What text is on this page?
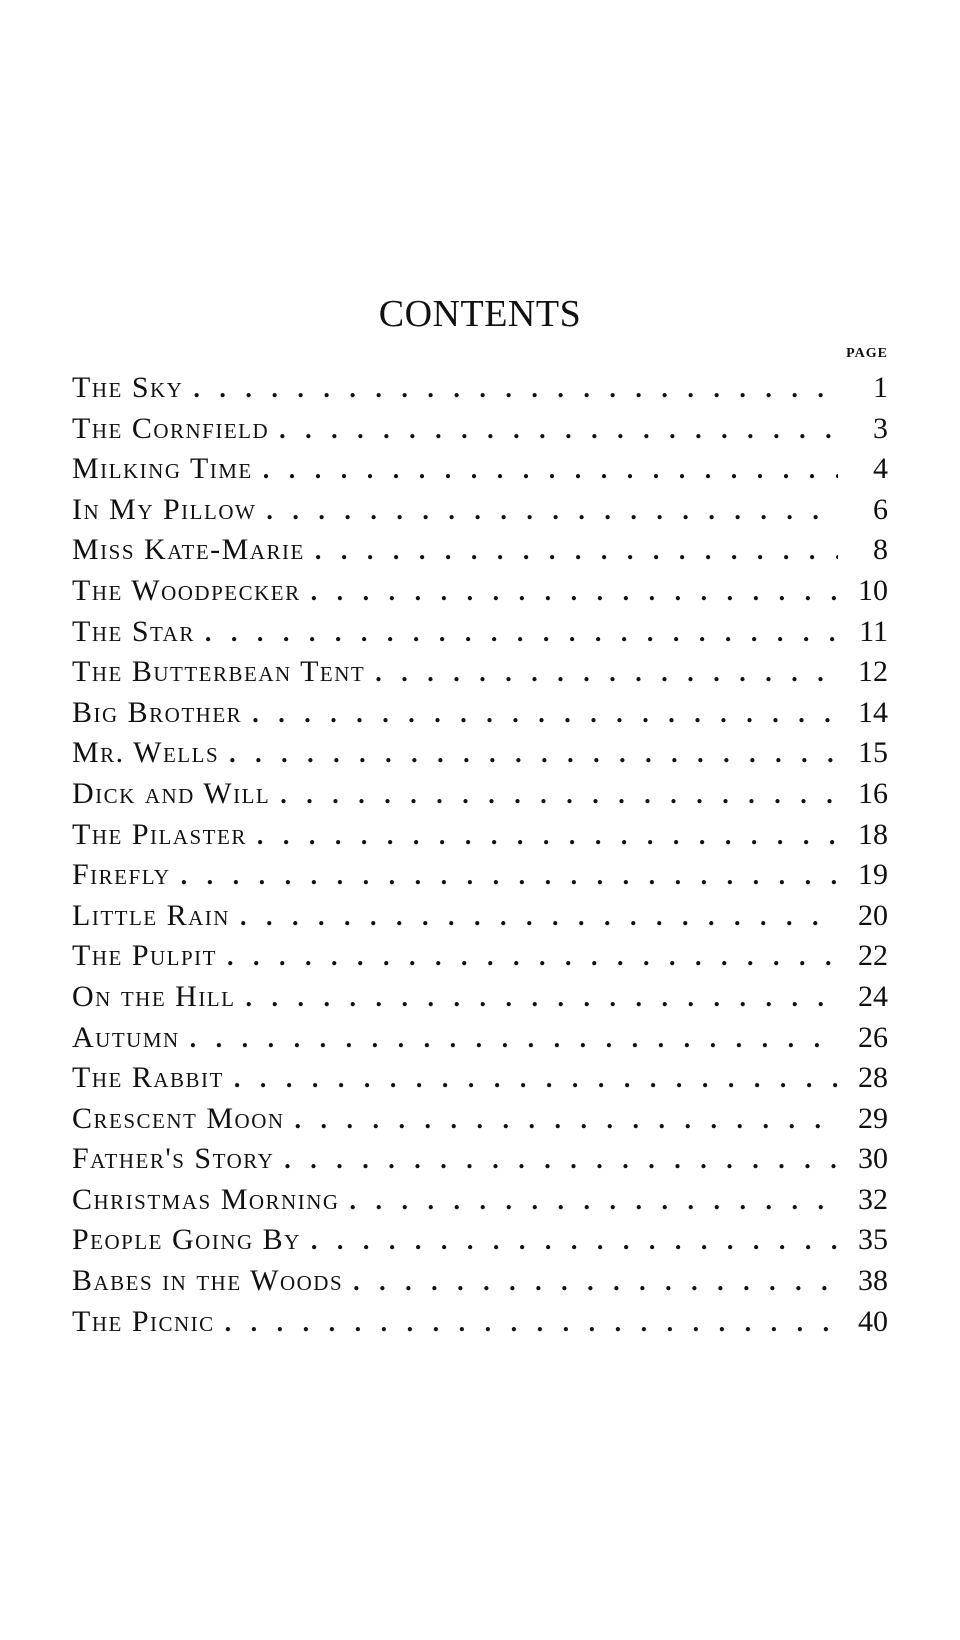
CONTENTS
PAGE
The Sky .   .	1
The Cornfield .   .	3
Milking Time .   .	4
In My Pillow .   .	6
Miss Kate-Marie .   .	8
The Woodpecker .   .	10
The Star .   .	11
The Butterbean Tent .   .	12
Big Brother .   .	14
Mr. Wells .   .	15
Dick and Will .   .	16
The Pilaster .   .	18
Firefly .   .	19
Little Rain .   .	20
The Pulpit .   .	22
On the Hill .   .	24
Autumn .   .	26
The Rabbit .   .	28
Crescent Moon .   .	29
Father's Story .   .	30
Christmas Morning .   .	32
People Going By .   .	35
Babes in the Woods .   .	38
The Picnic .   .	40
